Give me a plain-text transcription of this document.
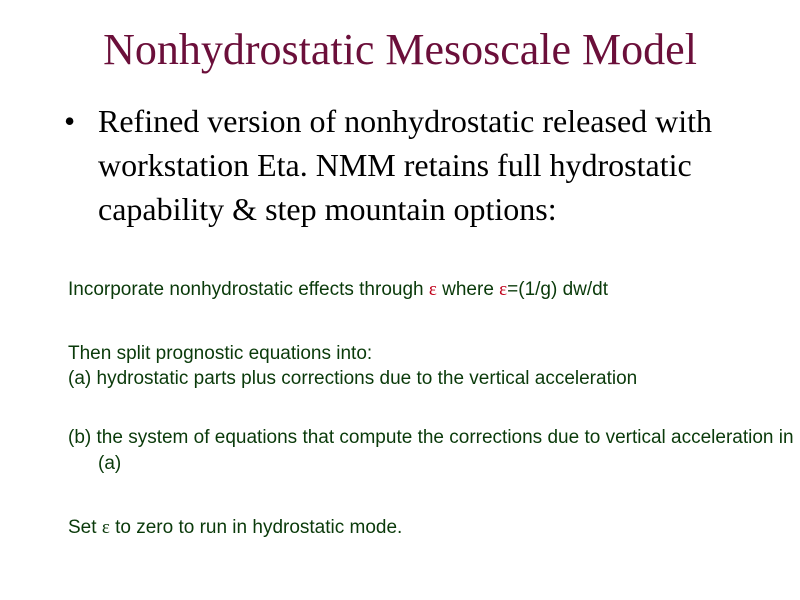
Nonhydrostatic Mesoscale Model
• Refined version of nonhydrostatic released with workstation Eta. NMM retains full hydrostatic capability & step mountain options:
Incorporate nonhydrostatic effects through ε where ε=(1/g) dw/dt
Then split prognostic equations into:
(a) hydrostatic parts plus corrections due to the vertical acceleration
(b) the system of equations that compute the corrections due to vertical acceleration in (a)
Set ε to zero to run in hydrostatic mode.
